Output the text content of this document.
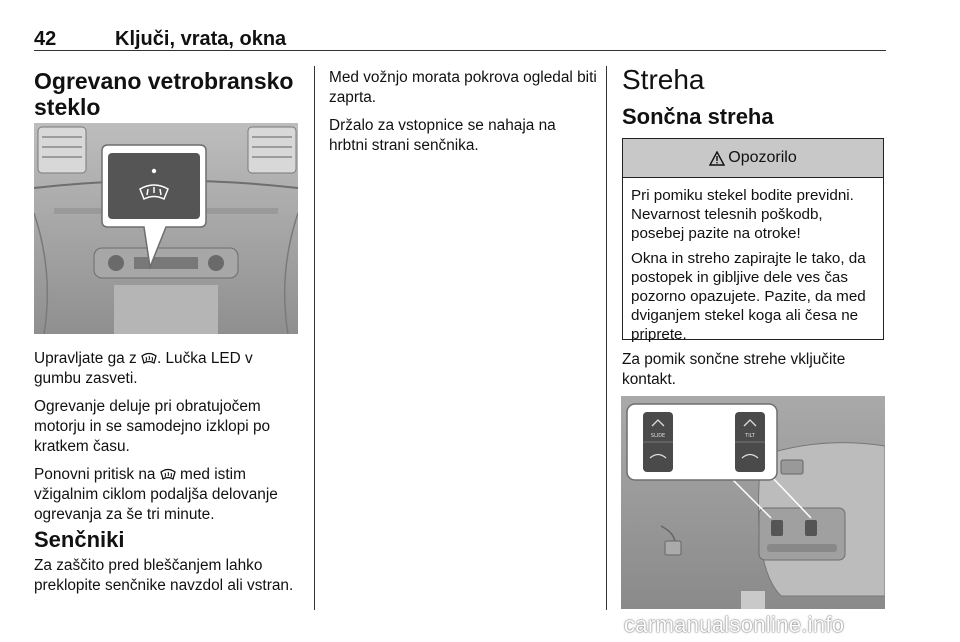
42	Ključi, vrata, okna
Ogrevano vetrobransko
steklo

Upravljate ga z . Lučka LED v gumbu zasveti.

Ogrevanje deluje pri obratujočem motorju in se samodejno izklopi po kratkem času.

Ponovni pritisk na  med istim vžigalnim ciklom podaljša delovanje ogrevanja za še tri minute.

Senčniki
Za zaščito pred bleščanjem lahko preklopite senčnike navzdol ali vstran.

Med vožnjo morata pokrova ogledal biti zaprta.

Držalo za vstopnice se nahaja na hrbtni strani senčnika.

Streha
Sončna streha
Opozorilo

Pri pomiku stekel bodite previdni. Nevarnost telesnih poškodb, posebej pazite na otroke!

Okna in streho zapirajte le tako, da postopek in gibljive dele ves čas pozorno opazujete. Pazite, da med dviganjem stekel koga ali česa ne priprete.

Za pomik sončne strehe vključite kontakt.
SLIDE	TILT
carmanualsonline.info
